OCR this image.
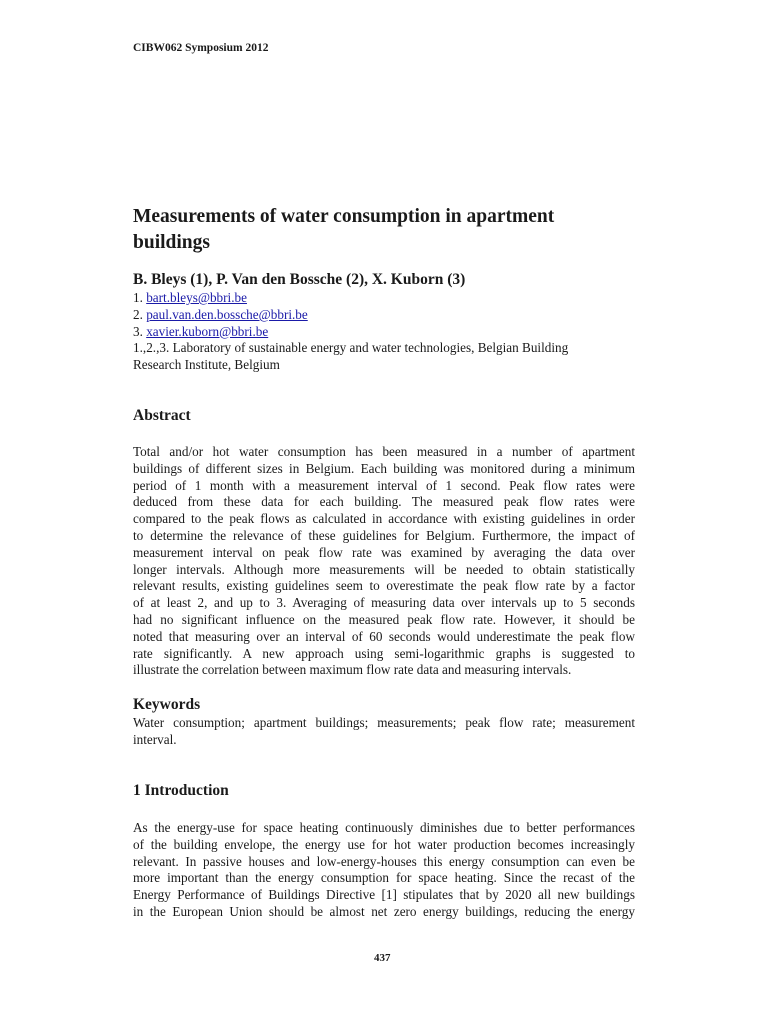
CIBW062 Symposium 2012
Measurements of water consumption in apartment
buildings
B. Bleys (1), P. Van den Bossche (2), X. Kuborn (3)
1. bart.bleys@bbri.be
2. paul.van.den.bossche@bbri.be
3. xavier.kuborn@bbri.be
1.,2.,3. Laboratory of sustainable energy and water technologies, Belgian Building
Research Institute, Belgium
Abstract
Total and/or hot water consumption has been measured in a number of apartment
buildings of different sizes in Belgium. Each building was monitored during a minimum
period of 1 month with a measurement interval of 1 second. Peak flow rates were
deduced from these data for each building. The measured peak flow rates were
compared to the peak flows as calculated in accordance with existing guidelines in order
to determine the relevance of these guidelines for Belgium. Furthermore, the impact of
measurement interval on peak flow rate was examined by averaging the data over
longer intervals. Although more measurements will be needed to obtain statistically
relevant results, existing guidelines seem to overestimate the peak flow rate by a factor
of at least 2, and up to 3. Averaging of measuring data over intervals up to 5 seconds
had no significant influence on the measured peak flow rate. However, it should be
noted that measuring over an interval of 60 seconds would underestimate the peak flow
rate significantly. A new approach using semi-logarithmic graphs is suggested to
illustrate the correlation between maximum flow rate data and measuring intervals.
Keywords
Water consumption; apartment buildings; measurements; peak flow rate; measurement
interval.
1 Introduction
As the energy-use for space heating continuously diminishes due to better performances
of the building envelope, the energy use for hot water production becomes increasingly
relevant. In passive houses and low-energy-houses this energy consumption can even be
more important than the energy consumption for space heating. Since the recast of the
Energy Performance of Buildings Directive [1] stipulates that by 2020 all new buildings
in the European Union should be almost net zero energy buildings, reducing the energy
437
